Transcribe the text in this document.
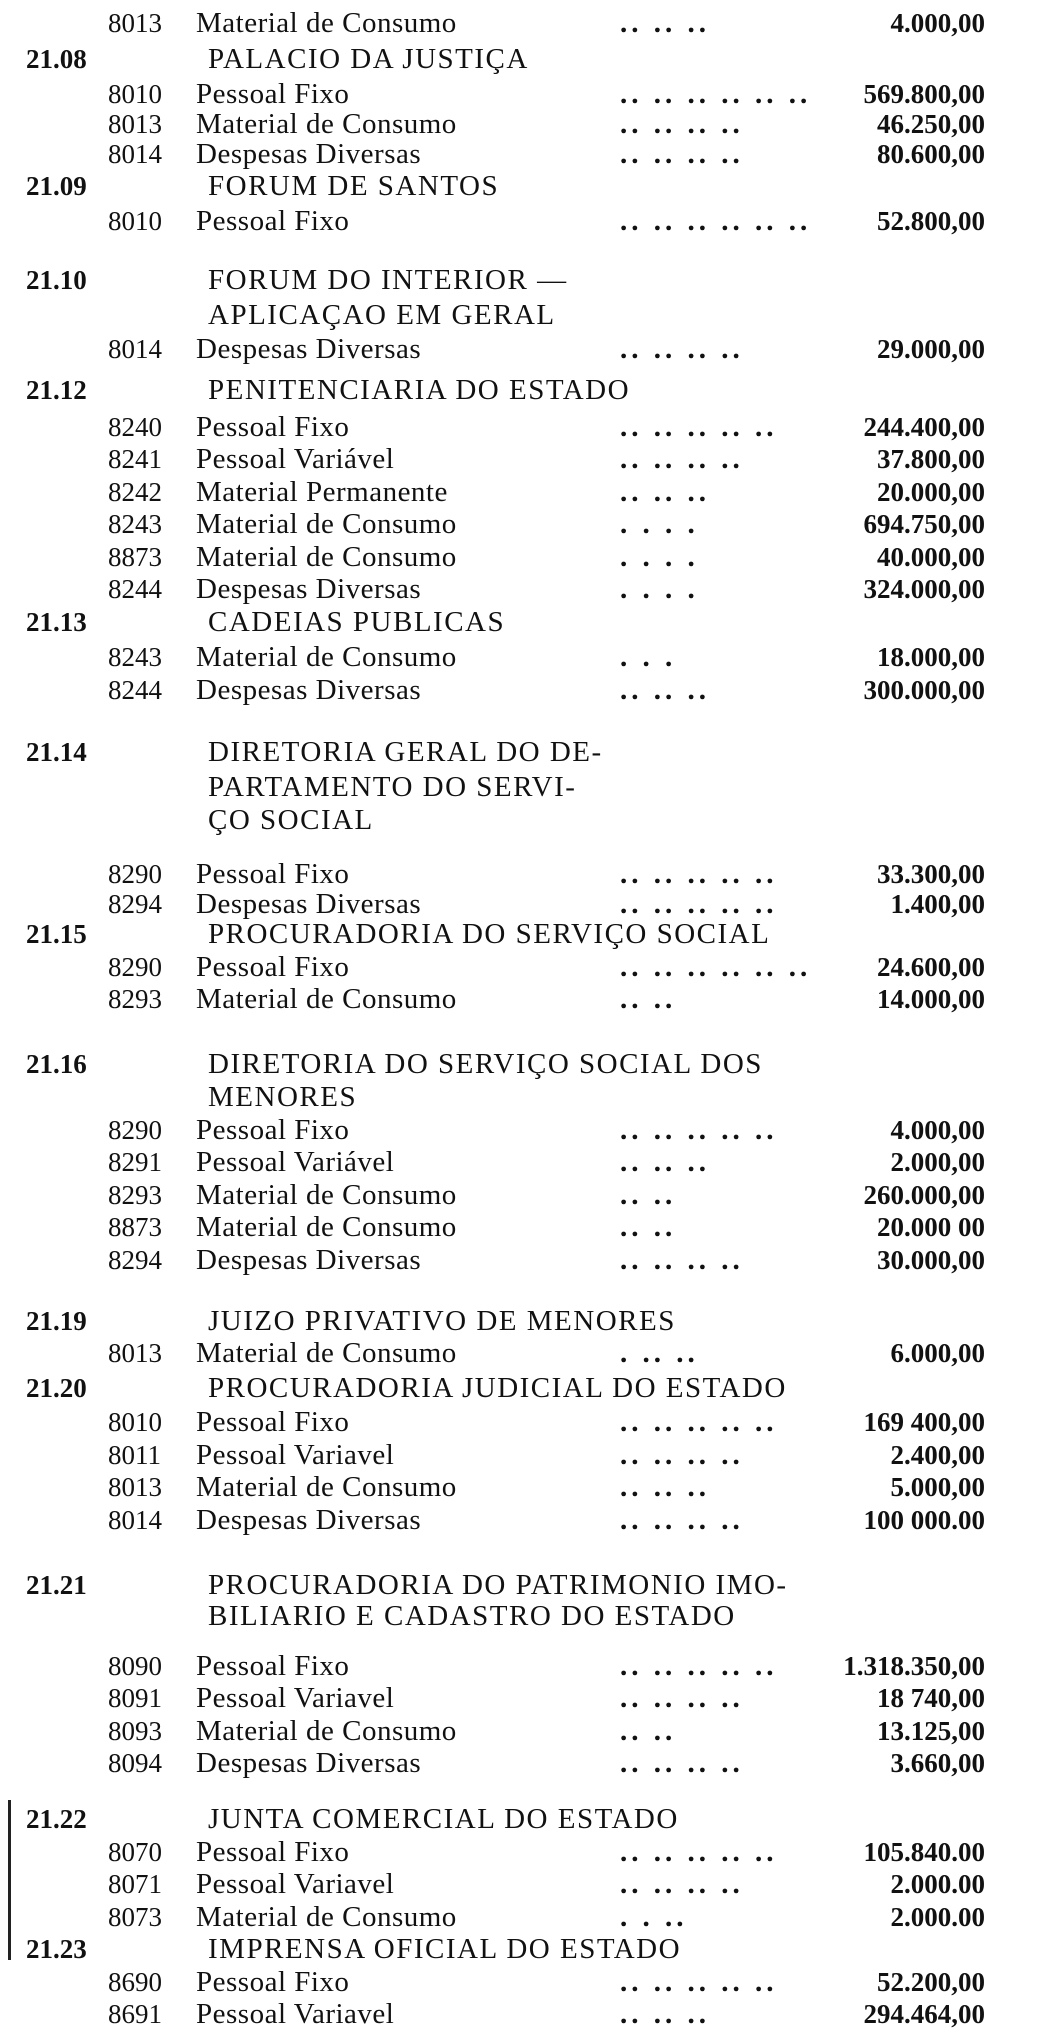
8013 Material de Consumo	.. .. ..	4.000,00
21.08	PALACIO DA JUSTIÇA
8010 Pessoal Fixo	.. .. .. .. .. .. 569.800,00
8013 Material de Consumo	.. .. .. ..	46.250,00
8014 Despesas Diversas	.. .. .. ..	80.600,00
21.09	FORUM DE SANTOS
8010 Pessoal Fixo	.. .. .. .. .. .. 52.800,00
21.10	FORUM DO INTERIOR —
APLICAÇAO EM GERAL
8014 Despesas Diversas	.. .. .. ..	29.000,00
21.12	PENITENCIARIA DO ESTADO
8240 Pessoal Fixo	.. .. .. .. ..	244.400,00
8241 Pessoal Variável	.. .. .. ..	37.800,00
8242 Material Permanente	.. .. ..	20.000,00
8243 Material de Consumo	. . . .	694.750,00
8873 Material de Consumo	. . . .	40.000,00
8244 Despesas Diversas	. . . .	324.000,00
21.13	CADEIAS PUBLICAS
8243 Material de Consumo	. . .	18.000,00
8244 Despesas Diversas	.. .. ..	300.000,00
21.14	DIRETORIA GERAL DO DE-
PARTAMENTO DO SERVI-
ÇO SOCIAL
8290 Pessoal Fixo	.. .. .. .. ..	33.300,00
8294 Despesas Diversas	.. .. .. .. ..	1.400,00
21.15	PROCURADORIA DO SERVIÇO SOCIAL
8290 Pessoal Fixo	.. .. .. .. .. .. 24.600,00
8293 Material de Consumo	.. ..	14.000,00
21.16	DIRETORIA DO SERVIÇO SOCIAL DOS
MENORES
8290 Pessoal Fixo	.. .. .. .. ..	4.000,00
8291 Pessoal Variável	.. .. ..	2.000,00
8293 Material de Consumo	.. ..	260.000,00
8873 Material de Consumo	.. ..	20.000 00
8294 Despesas Diversas	.. .. .. ..	30.000,00
21.19	JUIZO PRIVATIVO DE MENORES
8013 Material de Consumo	. .. ..	6.000,00
21.20	PROCURADORIA JUDICIAL DO ESTADO
8010 Pessoal Fixo	.. .. .. .. ..	169 400,00
8011 Pessoal Variavel	.. .. .. ..	2.400,00
8013 Material de Consumo	.. .. ..	5.000,00
8014 Despesas Diversas	.. .. .. ..	100 000.00
21.21	PROCURADORIA DO PATRIMONIO IMO-
BILIARIO E CADASTRO DO ESTADO
8090 Pessoal Fixo	.. .. .. .. .. 1.318.350,00
8091 Pessoal Variavel	.. .. .. ..	18 740,00
8093 Material de Consumo	.. ..	13.125,00
8094 Despesas Diversas	.. .. .. ..	3.660,00
21.22	JUNTA COMERCIAL DO ESTADO
8070 Pessoal Fixo	.. .. .. .. ..	105.840.00
8071 Pessoal Variavel	.. .. .. ..	2.000.00
8073 Material de Consumo	. . ..	2.000.00
21.23	IMPRENSA OFICIAL DO ESTADO
8690 Pessoal Fixo	.. .. .. .. ..	52.200,00
8691 Pessoal Variavel	.. .. ..	294.464,00
